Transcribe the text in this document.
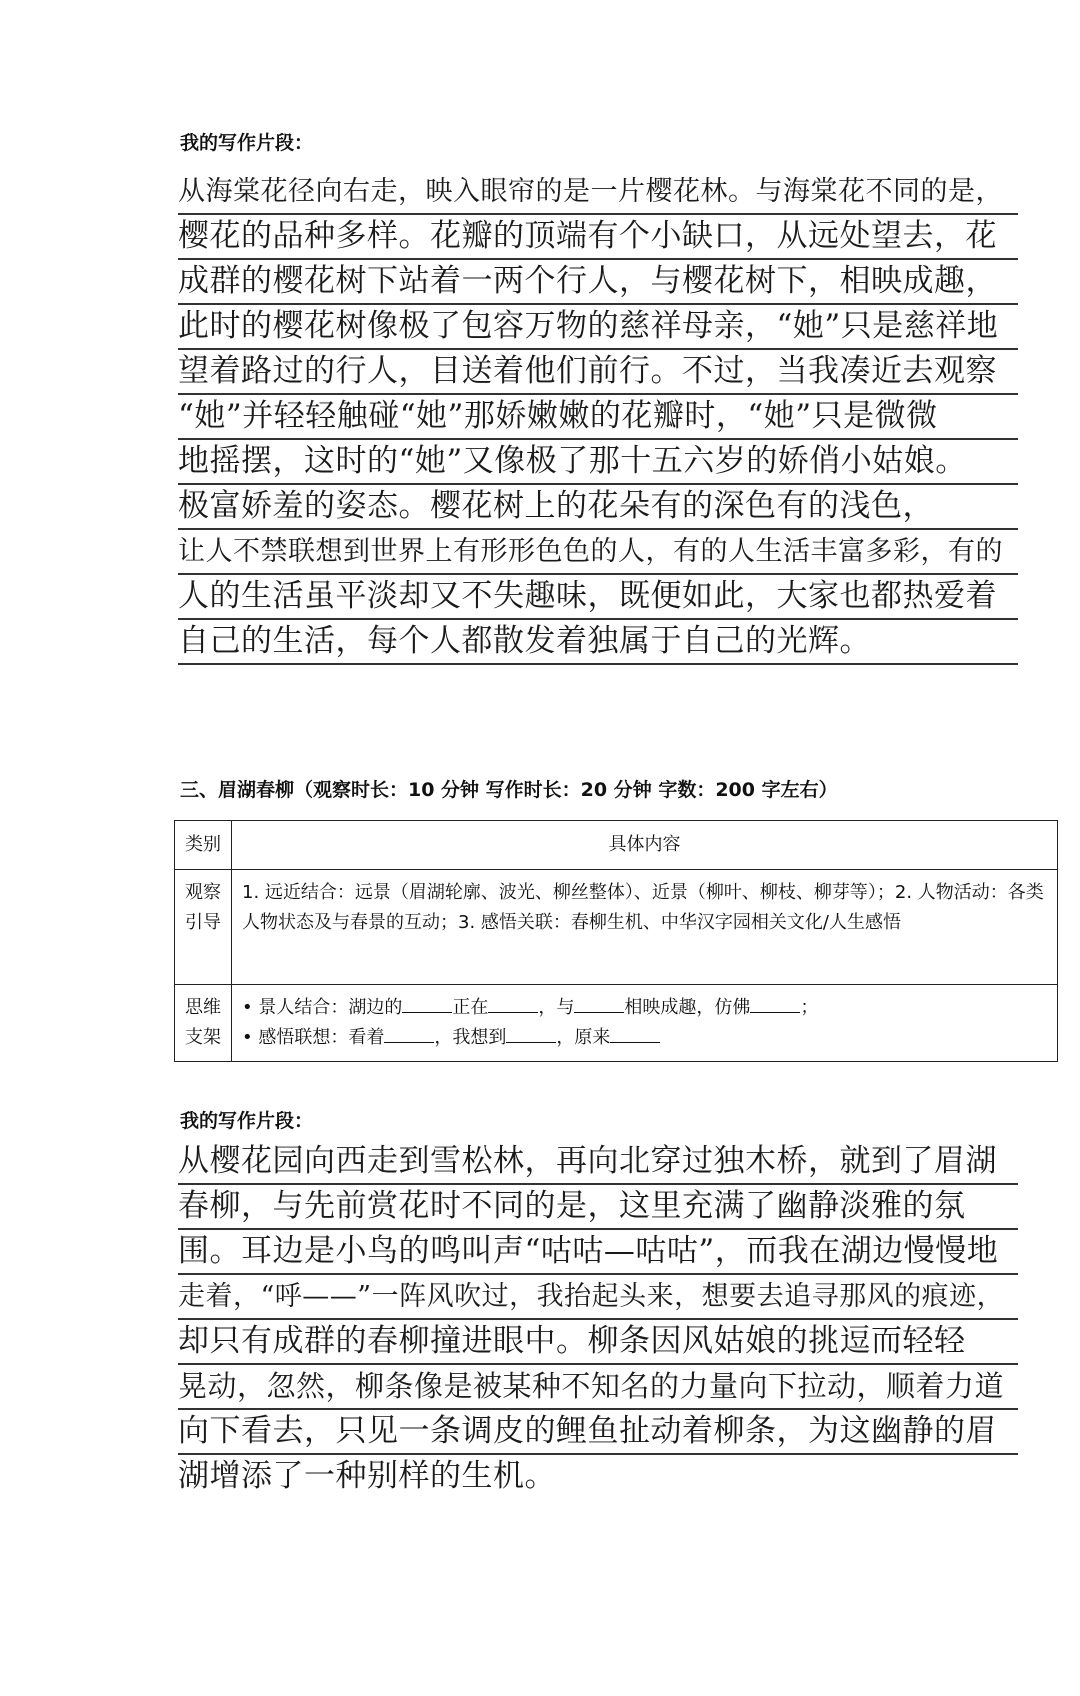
我的写作片段：
从海棠花径向右走，映入眼帘的是一片樱花林。与海棠花不同的是，
樱花的品种多样。花瓣的顶端有个小缺口，从远处望去，花
成群的樱花树下站着一两个行人，与樱花树下，相映成趣，
此时的樱花树像极了包容万物的慈祥母亲，“她”只是慈祥地
望着路过的行人，目送着他们前行。不过，当我凑近去观察
“她”并轻轻触碰“她”那娇嫩嫩的花瓣时，“她”只是微微
地摇摆，这时的“她”又像极了那十五六岁的娇俏小姑娘。
极富娇羞的姿态。樱花树上的花朵有的深色有的浅色，
让人不禁联想到世界上有形形色色的人，有的人生活丰富多彩，有的
人的生活虽平淡却又不失趣味，既便如此，大家也都热爱着
自己的生活，每个人都散发着独属于自己的光辉。
三、眉湖春柳（观察时长：10 分钟 写作时长：20 分钟 字数：200 字左右）
类别	具体内容
观察引导	1. 远近结合：远景（眉湖轮廓、波光、柳丝整体）、近景（柳叶、柳枝、柳芽等）；2. 人物活动：各类人物状态及与春景的互动；3. 感悟关联：春柳生机、中华汉字园相关文化/人生感悟
思维支架	• 景人结合：湖边的 正在 ，与 相映成趣，仿佛 ；
• 感悟联想：看着 ，我想到 ，原来
我的写作片段：
从樱花园向西走到雪松林，再向北穿过独木桥，就到了眉湖
春柳，与先前赏花时不同的是，这里充满了幽静淡雅的氛
围。耳边是小鸟的鸣叫声“咕咕—咕咕”，而我在湖边慢慢地
走着，“呼——”一阵风吹过，我抬起头来，想要去追寻那风的痕迹，
却只有成群的春柳撞进眼中。柳条因风姑娘的挑逗而轻轻
晃动，忽然，柳条像是被某种不知名的力量向下拉动，顺着力道
向下看去，只见一条调皮的鲤鱼扯动着柳条，为这幽静的眉
湖增添了一种别样的生机。
